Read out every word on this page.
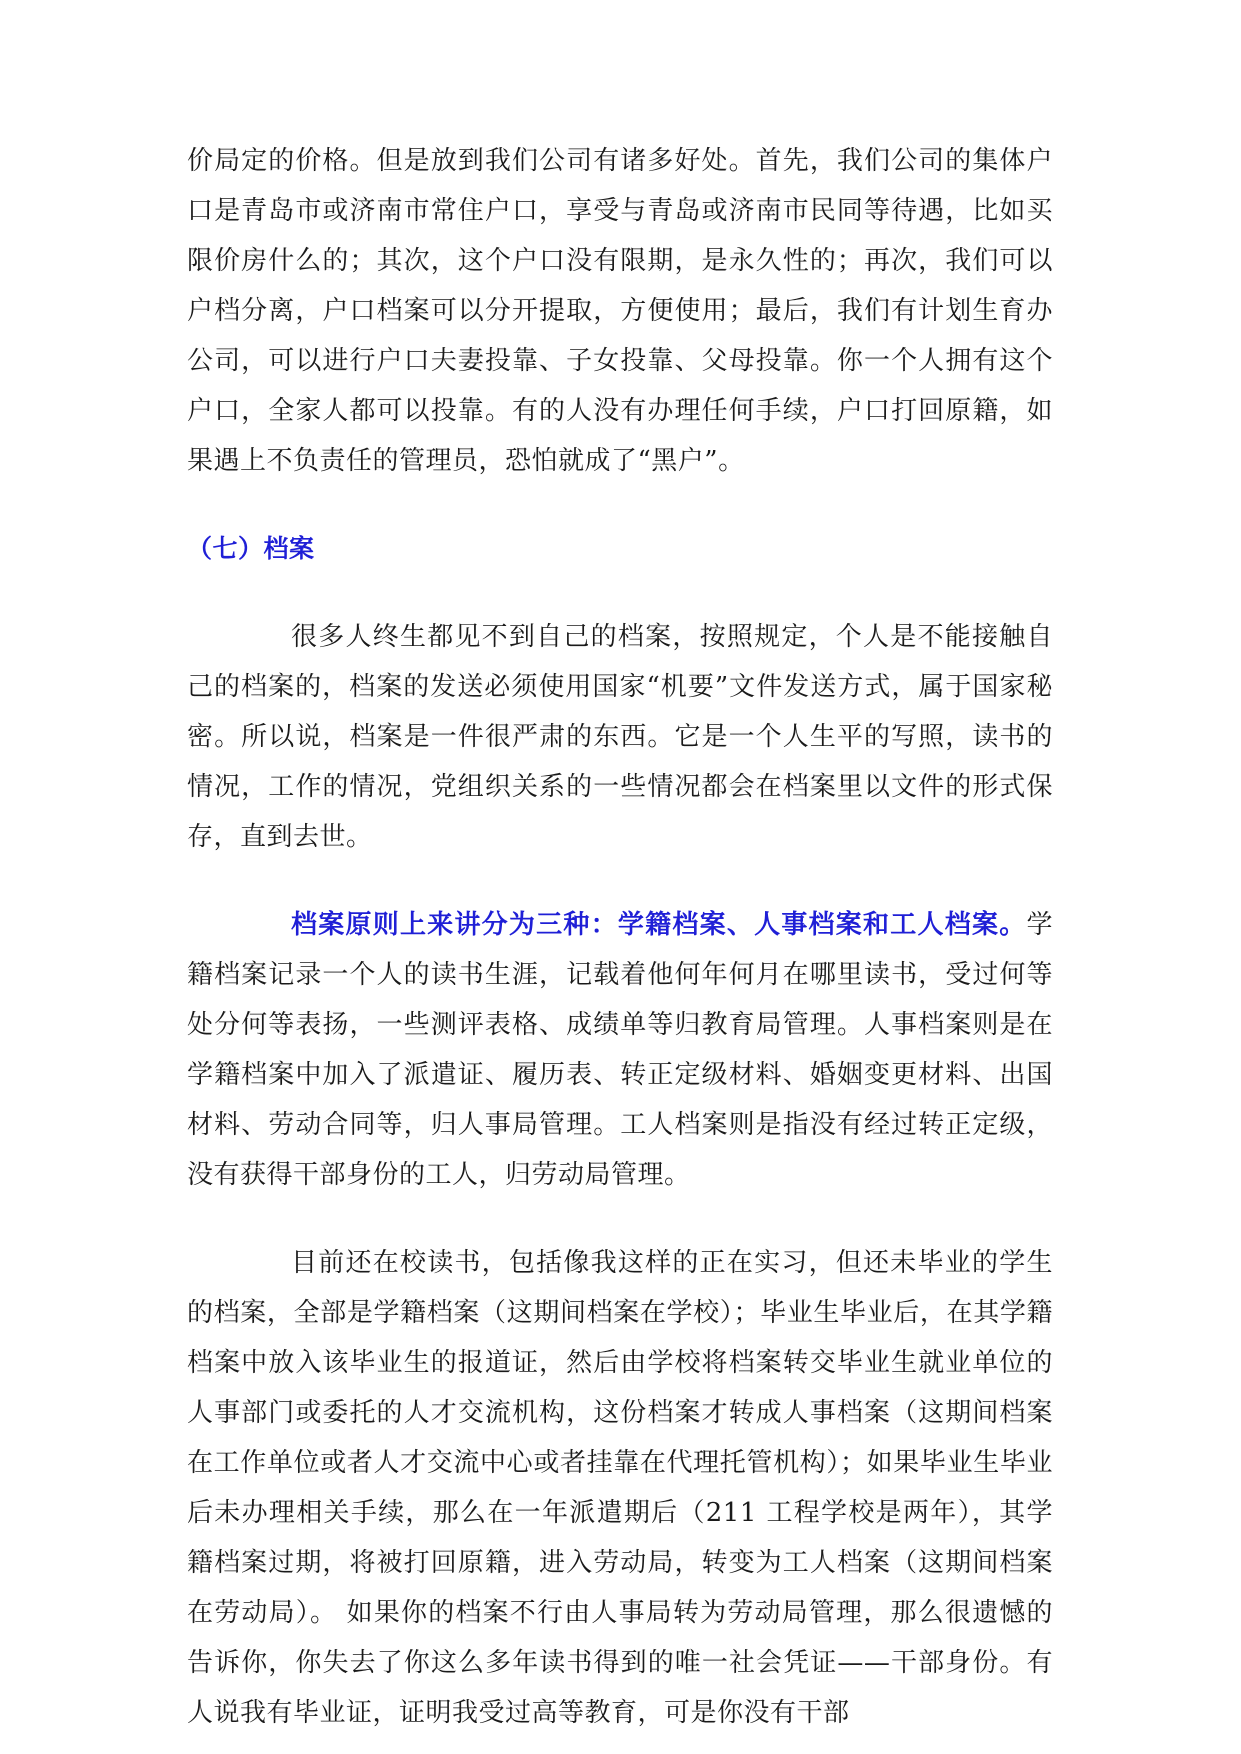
价局定的价格。但是放到我们公司有诸多好处。首先，我们公司的集体户口是青岛市或济南市常住户口，享受与青岛或济南市民同等待遇，比如买限价房什么的；其次，这个户口没有限期，是永久性的；再次，我们可以户档分离，户口档案可以分开提取，方便使用；最后，我们有计划生育办公司，可以进行户口夫妻投靠、子女投靠、父母投靠。你一个人拥有这个户口，全家人都可以投靠。有的人没有办理任何手续，户口打回原籍，如果遇上不负责任的管理员，恐怕就成了“黑户”。

（七）档案

很多人终生都见不到自己的档案，按照规定，个人是不能接触自己的档案的，档案的发送必须使用国家“机要”文件发送方式，属于国家秘密。所以说，档案是一件很严肃的东西。它是一个人生平的写照，读书的情况，工作的情况，党组织关系的一些情况都会在档案里以文件的形式保存，直到去世。

档案原则上来讲分为三种：学籍档案、人事档案和工人档案。学籍档案记录一个人的读书生涯，记载着他何年何月在哪里读书，受过何等处分何等表扬，一些测评表格、成绩单等归教育局管理。人事档案则是在学籍档案中加入了派遣证、履历表、转正定级材料、婚姻变更材料、出国材料、劳动合同等，归人事局管理。工人档案则是指没有经过转正定级，没有获得干部身份的工人，归劳动局管理。

目前还在校读书，包括像我这样的正在实习，但还未毕业的学生的档案，全部是学籍档案（这期间档案在学校）；毕业生毕业后，在其学籍档案中放入该毕业生的报道证，然后由学校将档案转交毕业生就业单位的人事部门或委托的人才交流机构，这份档案才转成人事档案（这期间档案在工作单位或者人才交流中心或者挂靠在代理托管机构）；如果毕业生毕业后未办理相关手续，那么在一年派遣期后（211 工程学校是两年），其学籍档案过期，将被打回原籍，进入劳动局，转变为工人档案（这期间档案在劳动局）。 如果你的档案不行由人事局转为劳动局管理，那么很遗憾的告诉你，你失去了你这么多年读书得到的唯一社会凭证——干部身份。有人说我有毕业证，证明我受过高等教育，可是你没有干部
